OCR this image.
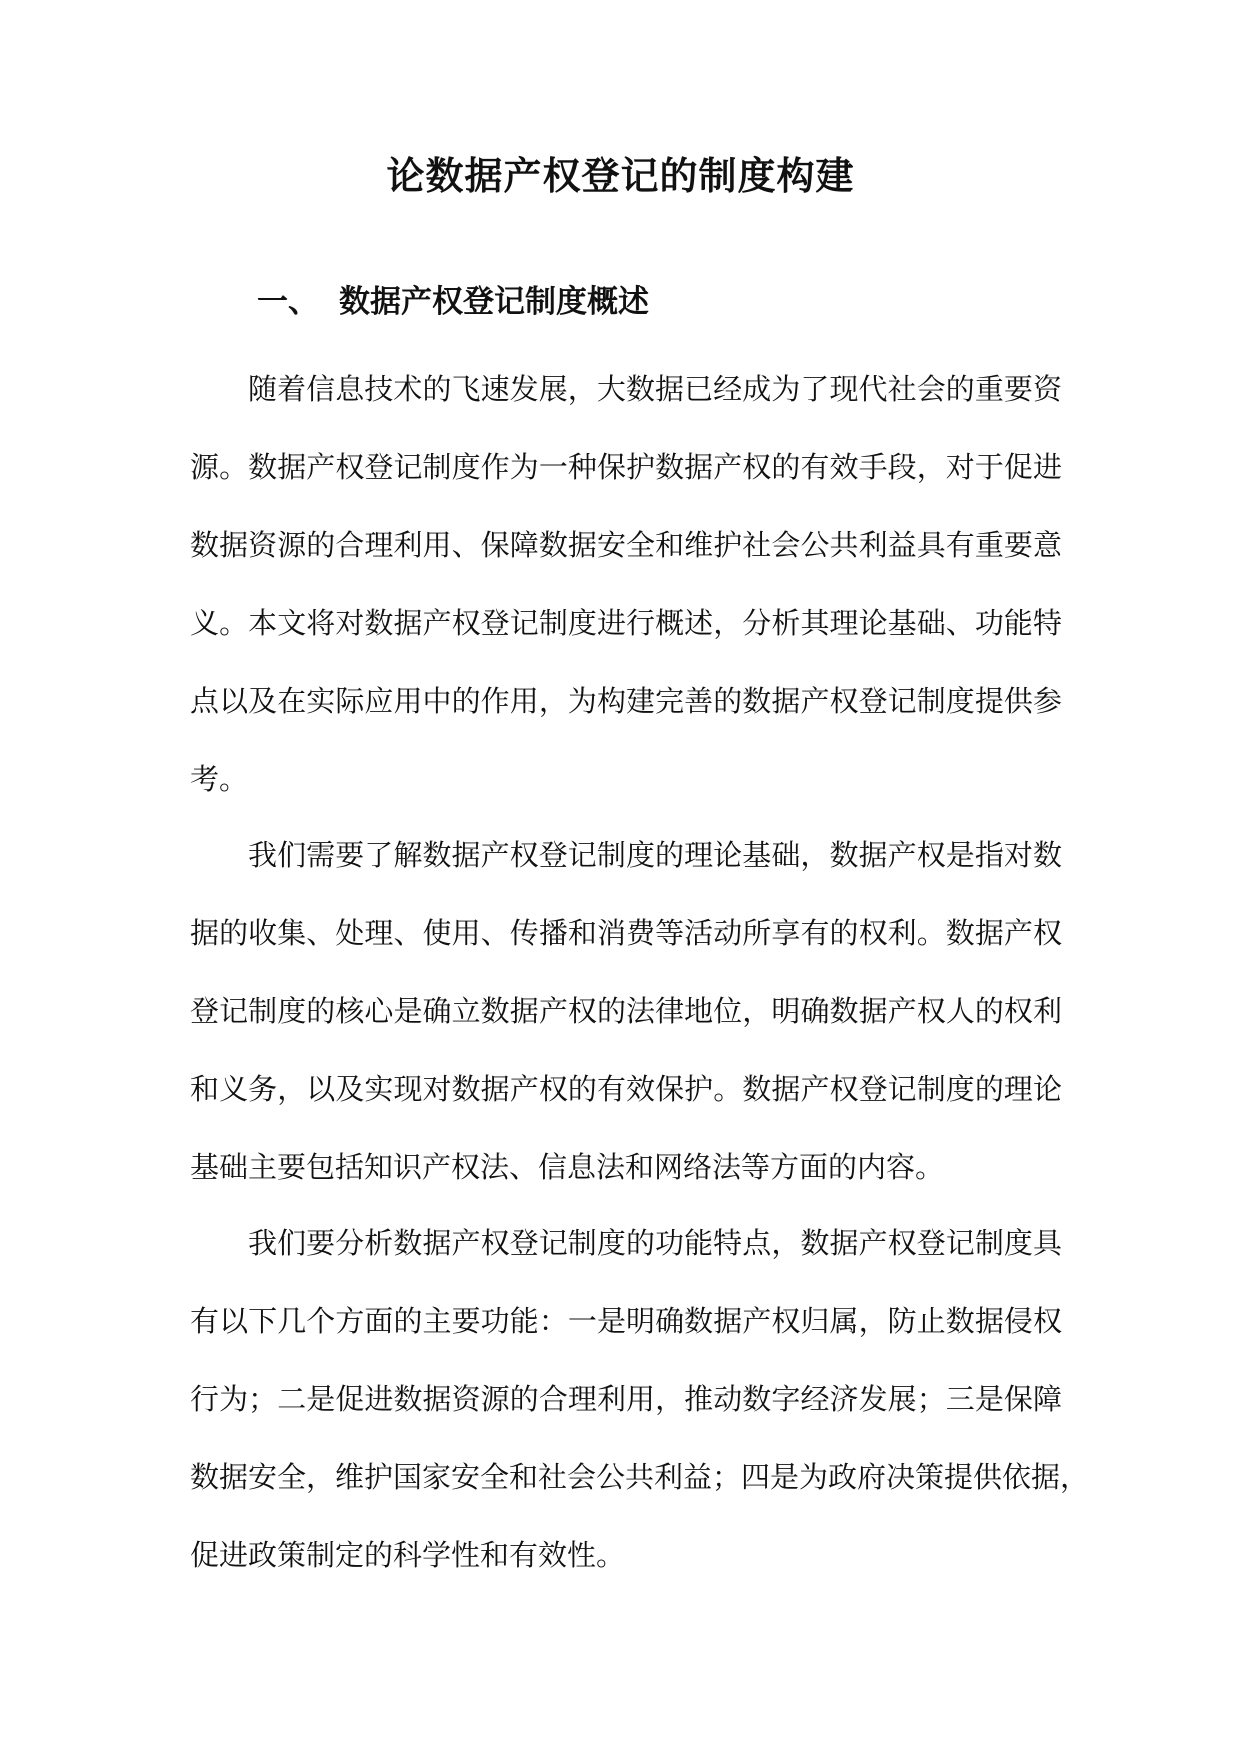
论数据产权登记的制度构建
一、 数据产权登记制度概述
随着信息技术的飞速发展，大数据已经成为了现代社会的重要资
源。数据产权登记制度作为一种保护数据产权的有效手段，对于促进
数据资源的合理利用、保障数据安全和维护社会公共利益具有重要意
义。本文将对数据产权登记制度进行概述，分析其理论基础、功能特
点以及在实际应用中的作用，为构建完善的数据产权登记制度提供参
考。
我们需要了解数据产权登记制度的理论基础，数据产权是指对数
据的收集、处理、使用、传播和消费等活动所享有的权利。数据产权
登记制度的核心是确立数据产权的法律地位，明确数据产权人的权利
和义务，以及实现对数据产权的有效保护。数据产权登记制度的理论
基础主要包括知识产权法、信息法和网络法等方面的内容。
我们要分析数据产权登记制度的功能特点，数据产权登记制度具
有以下几个方面的主要功能：一是明确数据产权归属，防止数据侵权
行为；二是促进数据资源的合理利用，推动数字经济发展；三是保障
数据安全，维护国家安全和社会公共利益；四是为政府决策提供依据，
促进政策制定的科学性和有效性。
